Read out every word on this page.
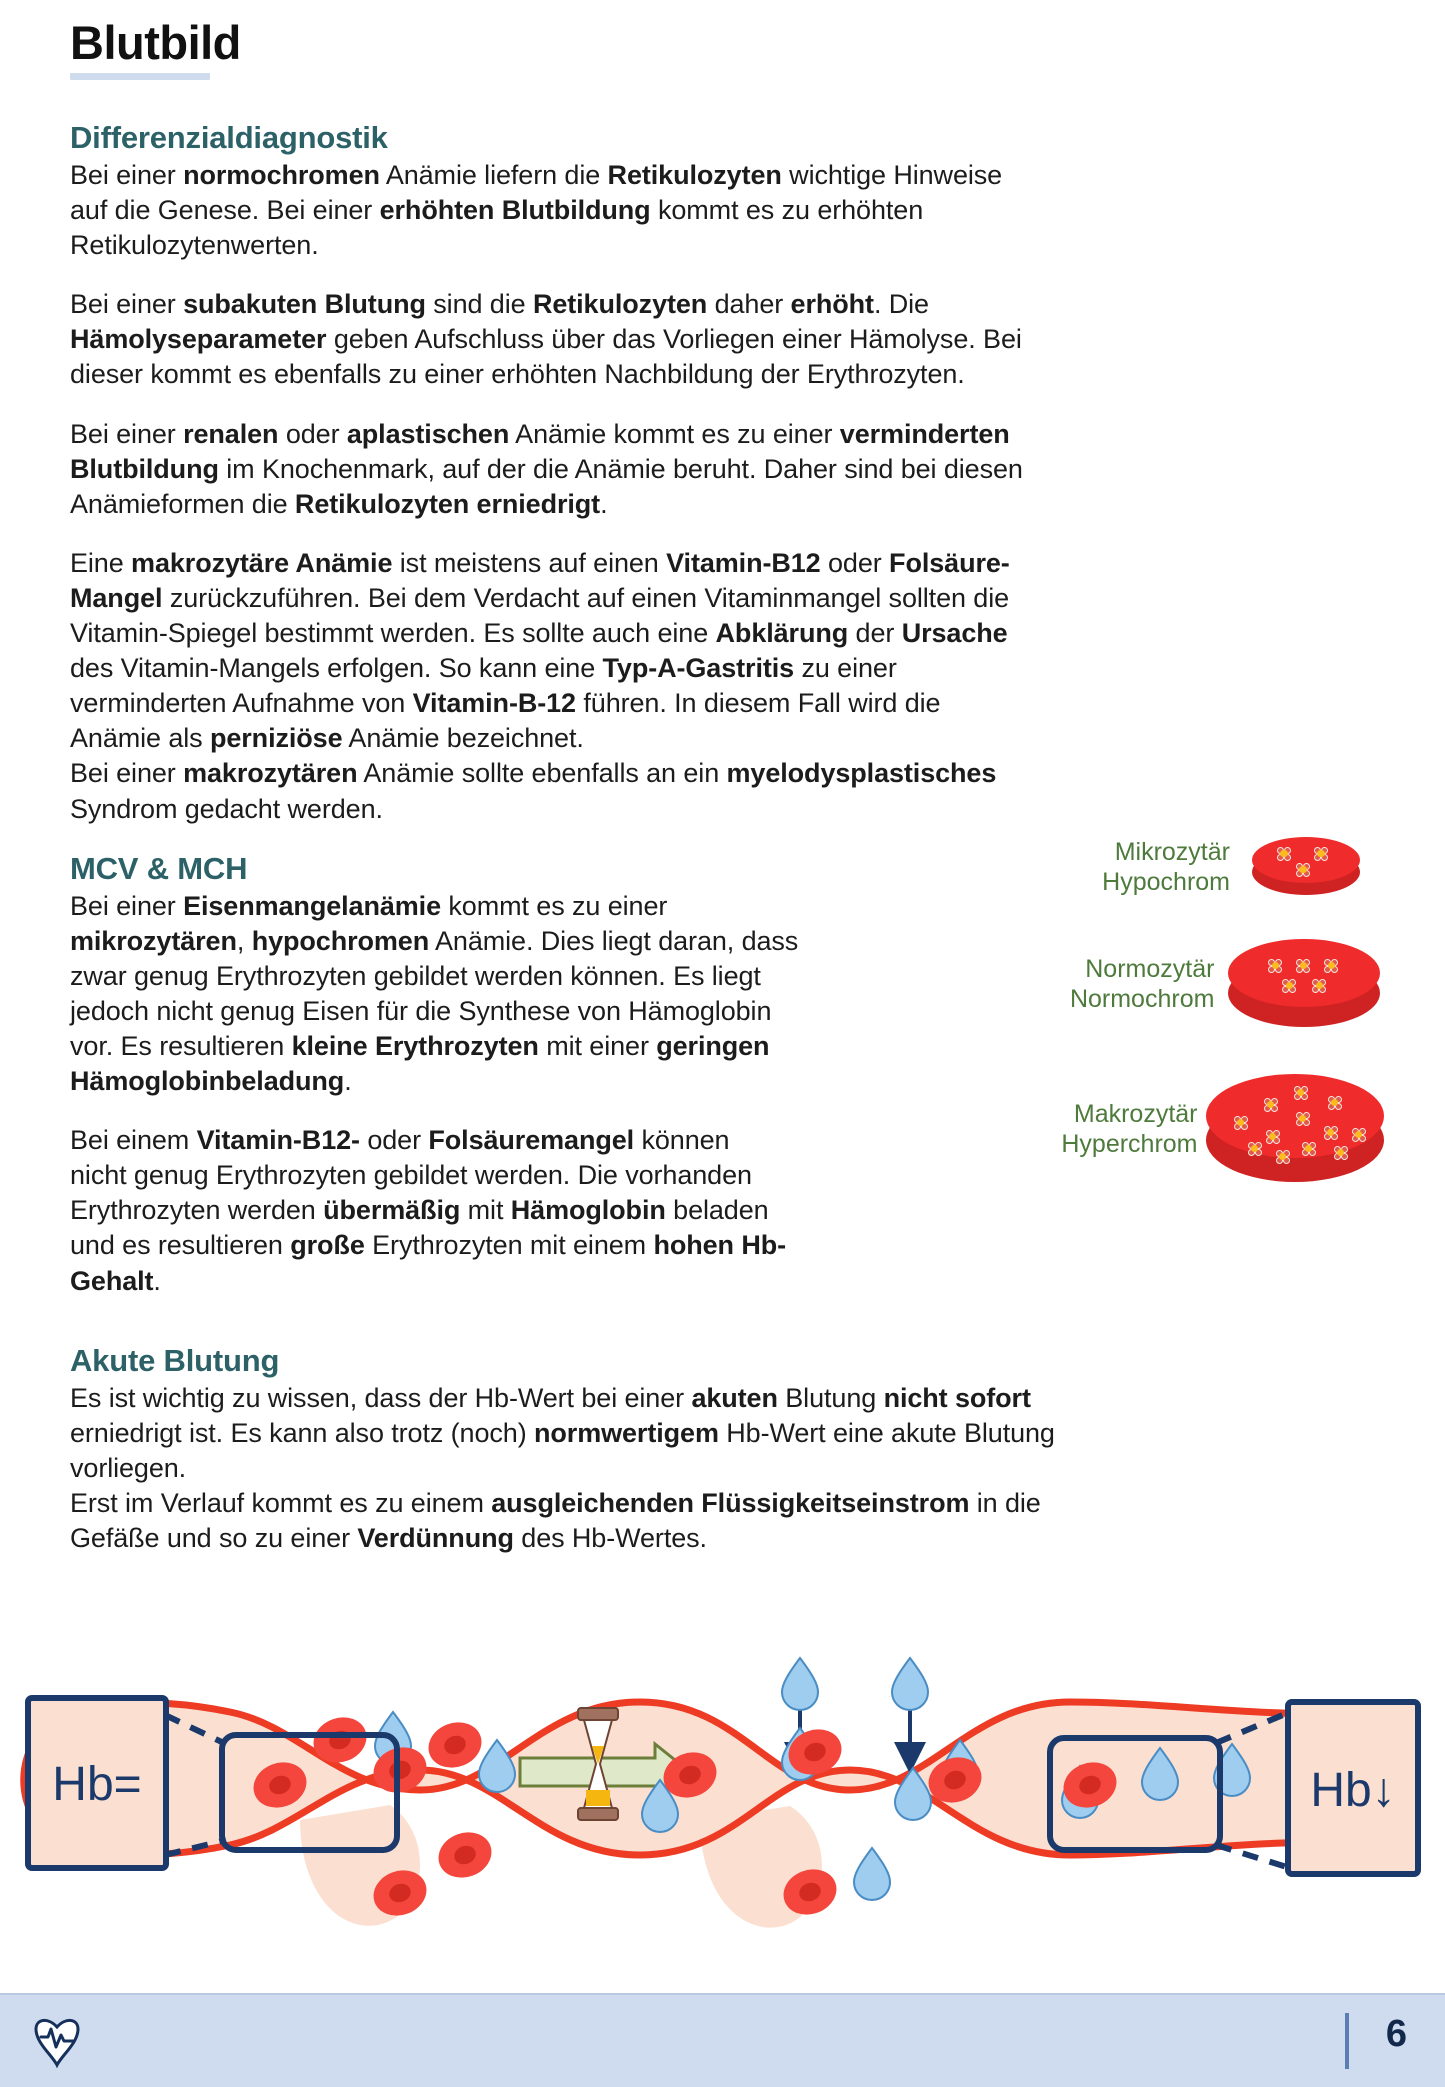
Blutbild
Differenzialdiagnostik

Bei einer normochromen Anämie liefern die Retikulozyten wichtige Hinweise auf die Genese. Bei einer erhöhten Blutbildung kommt es zu erhöhten Retikulozytenwerten.

Bei einer subakuten Blutung sind die Retikulozyten daher erhöht. Die Hämolyseparameter geben Aufschluss über das Vorliegen einer Hämolyse. Bei dieser kommt es ebenfalls zu einer erhöhten Nachbildung der Erythrozyten.

Bei einer renalen oder aplastischen Anämie kommt es zu einer verminderten Blutbildung im Knochenmark, auf der die Anämie beruht. Daher sind bei diesen Anämieformen die Retikulozyten erniedrigt.

Eine makrozytäre Anämie ist meistens auf einen Vitamin-B12 oder Folsäure-Mangel zurückzuführen. Bei dem Verdacht auf einen Vitaminmangel sollten die Vitamin-Spiegel bestimmt werden. Es sollte auch eine Abklärung der Ursache des Vitamin-Mangels erfolgen. So kann eine Typ-A-Gastritis zu einer verminderten Aufnahme von Vitamin-B-12 führen. In diesem Fall wird die Anämie als perniziöse Anämie bezeichnet.
Bei einer makrozytären Anämie sollte ebenfalls an ein myelodysplastisches Syndrom gedacht werden.

MCV & MCH

Bei einer Eisenmangelanämie kommt es zu einer mikrozytären, hypochromen Anämie. Dies liegt daran, dass zwar genug Erythrozyten gebildet werden können. Es liegt jedoch nicht genug Eisen für die Synthese von Hämoglobin vor. Es resultieren kleine Erythrozyten mit einer geringen Hämoglobinbeladung.

Bei einem Vitamin-B12- oder Folsäuremangel können nicht genug Erythrozyten gebildet werden. Die vorhanden Erythrozyten werden übermäßig mit Hämoglobin beladen und es resultieren große Erythrozyten mit einem hohen Hb-Gehalt.

Mikrozytär
Hypochrom
Normozytär
Normochrom
Makrozytär
Hyperchrom
Akute Blutung

Es ist wichtig zu wissen, dass der Hb-Wert bei einer akuten Blutung nicht sofort erniedrigt ist. Es kann also trotz (noch) normwertigem Hb-Wert eine akute Blutung vorliegen.
Erst im Verlauf kommt es zu einem ausgleichenden Flüssigkeitseinstrom in die Gefäße und so zu einer Verdünnung des Hb-Wertes.

Hb=	Hb↓
6
